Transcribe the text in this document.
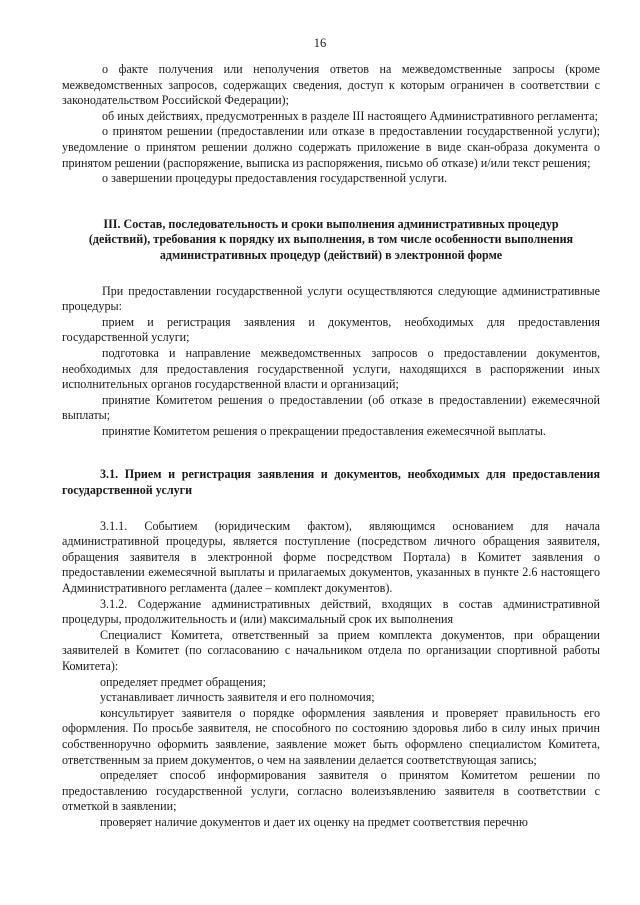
16

о факте получения или неполучения ответов на межведомственные запросы (кроме межведомственных запросов, содержащих сведения, доступ к которым ограничен в соответствии с законодательством Российской Федерации);

об иных действиях, предусмотренных в разделе III настоящего Административного регламента;

о принятом решении (предоставлении или отказе в предоставлении государственной услуги); уведомление о принятом решении должно содержать приложение в виде скан-образа документа о принятом решении (распоряжение, выписка из распоряжения, письмо об отказе) и/или текст решения;

о завершении процедуры предоставления государственной услуги.

III. Состав, последовательность и сроки выполнения административных процедур (действий), требования к порядку их выполнения, в том числе особенности выполнения административных процедур (действий) в электронной форме

При предоставлении государственной услуги осуществляются следующие административные процедуры:

прием и регистрация заявления и документов, необходимых для предоставления государственной услуги;

подготовка и направление межведомственных запросов о предоставлении документов, необходимых для предоставления государственной услуги, находящихся в распоряжении иных исполнительных органов государственной власти и организаций;

принятие Комитетом решения о предоставлении (об отказе в предоставлении) ежемесячной выплаты;

принятие Комитетом решения о прекращении предоставления ежемесячной выплаты.

3.1. Прием и регистрация заявления и документов, необходимых для предоставления государственной услуги

3.1.1. Событием (юридическим фактом), являющимся основанием для начала административной процедуры, является поступление (посредством личного обращения заявителя, обращения заявителя в электронной форме посредством Портала) в Комитет заявления о предоставлении ежемесячной выплаты и прилагаемых документов, указанных в пункте 2.6 настоящего Административного регламента (далее – комплект документов).

3.1.2. Содержание административных действий, входящих в состав административной процедуры, продолжительность и (или) максимальный срок их выполнения

Специалист Комитета, ответственный за прием комплекта документов, при обращении заявителей в Комитет (по согласованию с начальником отдела по организации спортивной работы Комитета):

определяет предмет обращения;

устанавливает личность заявителя и его полномочия;

консультирует заявителя о порядке оформления заявления и проверяет правильность его оформления. По просьбе заявителя, не способного по состоянию здоровья либо в силу иных причин собственноручно оформить заявление, заявление может быть оформлено специалистом Комитета, ответственным за прием документов, о чем на заявлении делается соответствующая запись;

определяет способ информирования заявителя о принятом Комитетом решении по предоставлению государственной услуги, согласно волеизъявлению заявителя в соответствии с отметкой в заявлении;

проверяет наличие документов и дает их оценку на предмет соответствия перечню
